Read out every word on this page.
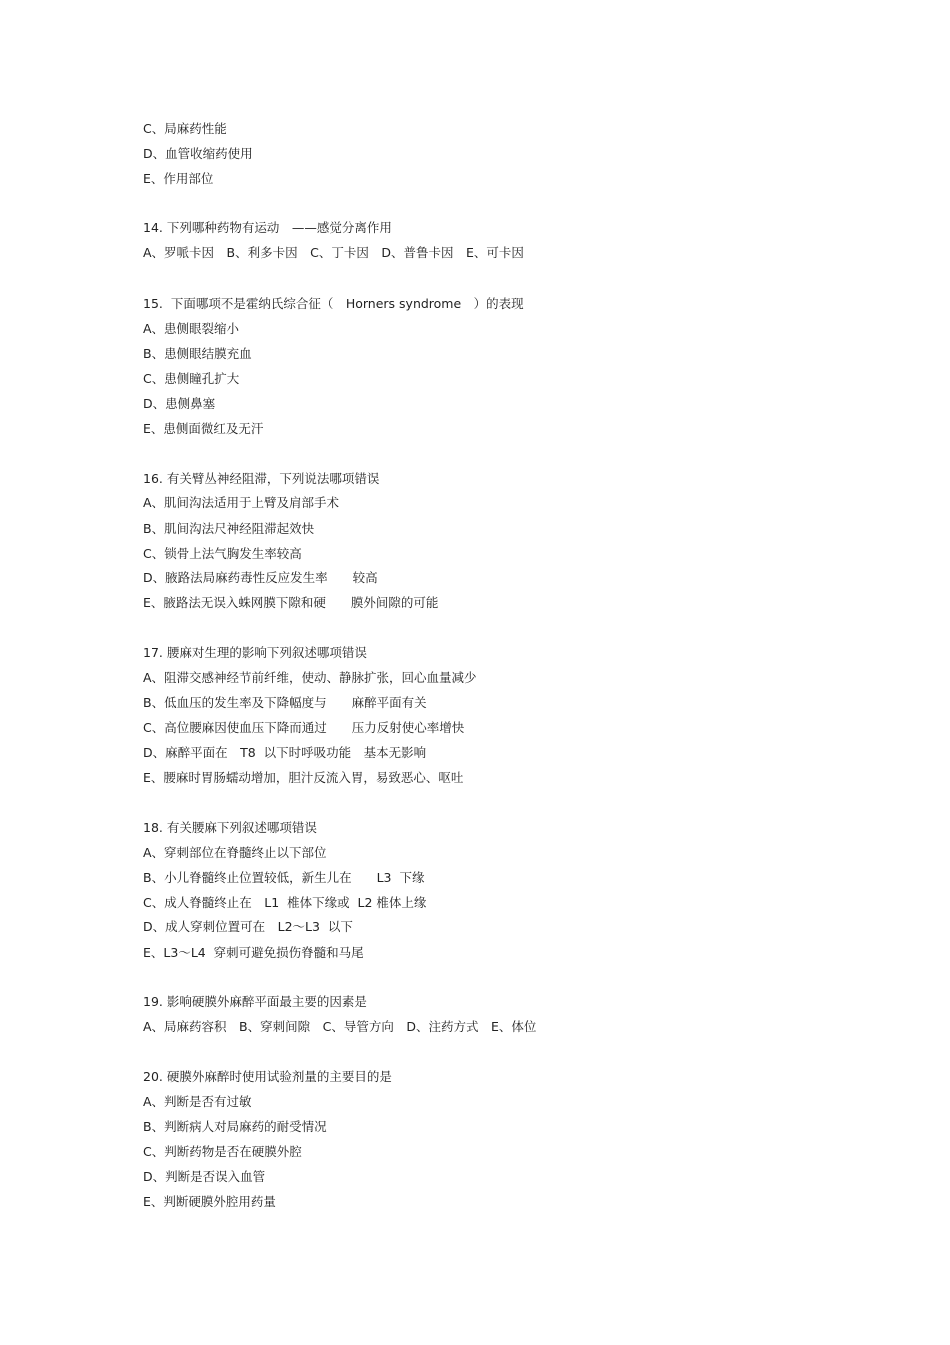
C、局麻药性能
D、血管收缩药使用
E、作用部位
14. 下列哪种药物有运动　——感觉分离作用
A、罗哌卡因　B、利多卡因　C、丁卡因　D、普鲁卡因　E、可卡因
15.  下面哪项不是霍纳氏综合征（　Horners syndrome　）的表现
A、患侧眼裂缩小
B、患侧眼结膜充血
C、患侧瞳孔扩大
D、患侧鼻塞
E、患侧面微红及无汗
16. 有关臂丛神经阻滞，下列说法哪项错误
A、肌间沟法适用于上臂及肩部手术
B、肌间沟法尺神经阻滞起效快
C、锁骨上法气胸发生率较高
D、腋路法局麻药毒性反应发生率　　较高
E、腋路法无误入蛛网膜下隙和硬　　膜外间隙的可能
17. 腰麻对生理的影响下列叙述哪项错误
A、阻滞交感神经节前纤维，使动、静脉扩张，回心血量减少
B、低血压的发生率及下降幅度与　　麻醉平面有关
C、高位腰麻因使血压下降而通过　　压力反射使心率增快
D、麻醉平面在　T8  以下时呼吸功能　基本无影响
E、腰麻时胃肠蠕动增加，胆汁反流入胃，易致恶心、呕吐
18. 有关腰麻下列叙述哪项错误
A、穿刺部位在脊髓终止以下部位
B、小儿脊髓终止位置较低，新生儿在　　L3  下缘
C、成人脊髓终止在　L1  椎体下缘或  L2 椎体上缘
D、成人穿刺位置可在　L2～L3  以下
E、L3～L4  穿刺可避免损伤脊髓和马尾
19. 影响硬膜外麻醉平面最主要的因素是
A、局麻药容积　B、穿刺间隙　C、导管方向　D、注药方式　E、体位
20. 硬膜外麻醉时使用试验剂量的主要目的是
A、判断是否有过敏
B、判断病人对局麻药的耐受情况
C、判断药物是否在硬膜外腔
D、判断是否误入血管
E、判断硬膜外腔用药量
